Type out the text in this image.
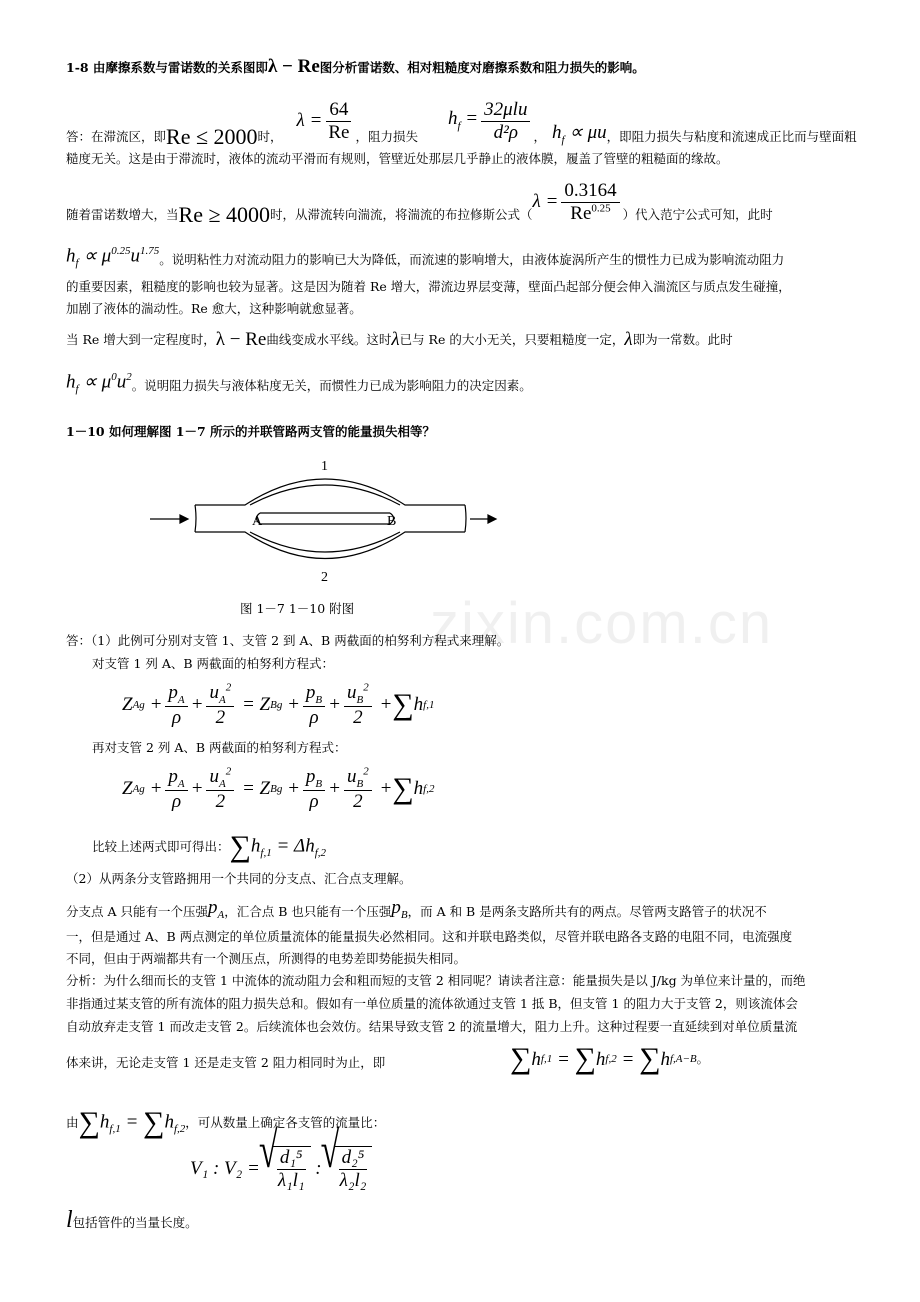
zixin.com.cn
1-8 由摩擦系数与雷诺数的关系图即λ − Re图分析雷诺数、相对粗糙度对磨擦系数和阻力损失的影响。
答：在滞流区，即 Re ≤ 2000 时，
$\lambda = \frac{64}{Re}$ ，阻力损失
$h_f = \frac{\text{32μlu}}{\text{d²ρ}}$ ， $h_f \propto \mu u$ ，即阻力损失与粘度和流速成正比而与壁面粗
糙度无关。这是由于滞流时，液体的流动平滑而有规则，管壁近处那层几乎静止的液体膜，履盖了管壁的粗糙面的缘故。
随着雷诺数增大，当 Re ≥ 4000 时，从滞流转向湍流，将湍流的布拉修斯公式（
$\lambda = \frac{0.3164}{Re^{0.25}}$ ）代入范宁公式可知，此时
$h_f \propto \mu^{0.25}u^{1.75}$
。说明粘性力对流动阻力的影响已大为降低，而流速的影响增大，由液体旋涡所产生的惯性力已成为影响流动阻力
的重要因素，粗糙度的影响也较为显著。这是因为随着 Re 增大，滞流边界层变薄，壁面凸起部分便会伸入湍流区与质点发生碰撞，
加剧了液体的湍动性。Re 愈大，这种影响就愈显著。
当 Re 增大到一定程度时， λ − Re 曲线变成水平线。这时 λ 已与 Re 的大小无关，只要粗糙度一定， λ 即为一常数。此时
$h_f \propto \mu^0u^2$
。说明阻力损失与液体粘度无关，而惯性力已成为影响阻力的决定因素。
1－10 如何理解图 1－7 所示的并联管路两支管的能量损失相等？
1
2
A	B
图 1－7 1－10 附图
答：（1）此例可分别对支管 1、支管 2 到 A、B 两截面的柏努利方程式来理解。
对支管 1 列 A、B 两截面的柏努利方程式：
Z $Ag + \frac{p_A}{\rho} + \frac{u_A^2}{2} = Z$ $Bg + \frac{p_B}{\rho} + \frac{u_B^2}{2}$ + ∑ h f,1
再对支管 2 列 A、B 两截面的柏努利方程式：
Z $Ag + \frac{p_A}{\rho} + \frac{u_A^2}{2} = Z$ $Bg + \frac{p_B}{\rho} + \frac{u_B^2}{2}$ + ∑ h f,2
比较上述两式即可得出： $\sum h_{f,1} = \Delta h_{f,2}$
（2）从两条分支管路拥用一个共同的分支点、汇合点支理解。
分支点 A 只能有一个压强 $p_A$ ，汇合点 B 也只能有一个压强 $p_B$ ，而 A 和 B 是两条支路所共有的两点。尽管两支路管子的状况不
一，但是通过 A、B 两点测定的单位质量流体的能量损失必然相同。这和并联电路类似，尽管并联电路各支路的电阻不同，电流强度
不同，但由于两端都共有一个测压点，所测得的电势差即势能损失相同。
分析：为什么细而长的支管 1 中流体的流动阻力会和粗而短的支管 2 相同呢？请读者注意：能量损失是以 J/kg 为单位来计量的，而绝
非指通过某支管的所有流体的阻力损失总和。假如有一单位质量的流体欲通过支管 1 抵 B，但支管 1 的阻力大于支管 2，则该流体会
自动放弃走支管 1 而改走支管 2。后续流体也会效仿。结果导致支管 2 的流量增大，阻力上升。这种过程要一直延续到对单位质量流
体来讲，无论走支管 1 还是走支管 2 阻力相同时为止，即	∑ h f,1 = ∑ h f,2 = ∑ h f,A−B 。
由 $\sum h_{f,1} = \sum h_{f,2}$ ，可从数量上确定各支管的流量比：
V₁ : V₂ = √ $\frac{\text{d₁⁵}}{\text{λ₁l₁}}$
: √ $\frac{\text{d₂⁵}}{\text{λ₂l₂}}$
l 包括管件的当量长度。
